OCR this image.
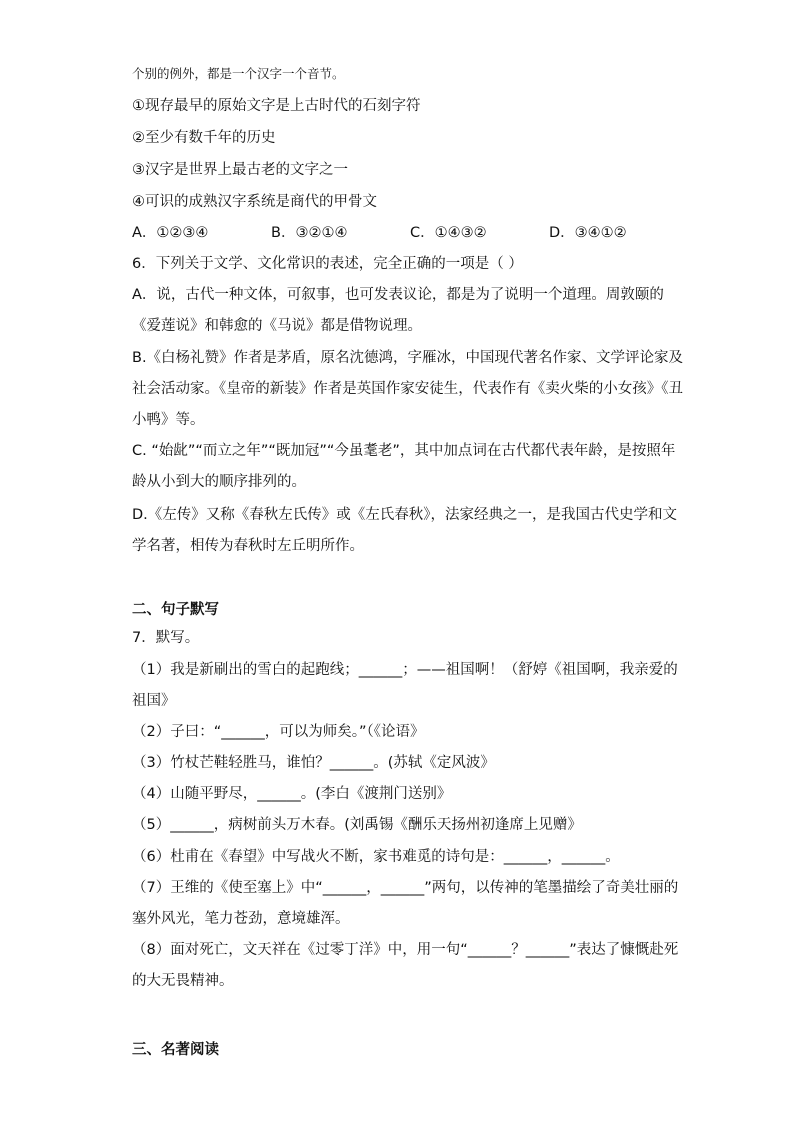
个别的例外，都是一个汉字一个音节。
①现存最早的原始文字是上古时代的石刻字符
②至少有数千年的历史
③汉字是世界上最古老的文字之一
④可识的成熟汉字系统是商代的甲骨文
A．①②③④	B．③②①④	C．①④③②	D．③④①②
6．下列关于文学、文化常识的表述，完全正确的一项是（ ）
A．说，古代一种文体，可叙事，也可发表议论，都是为了说明一个道理。周敦颐的
《爱莲说》和韩愈的《马说》都是借物说理。
B.《白杨礼赞》作者是茅盾，原名沈德鸿，字雁冰，中国现代著名作家、文学评论家及
社会活动家。《皇帝的新装》作者是英国作家安徒生，代表作有《卖火柴的小女孩》《丑
小鸭》等。
C. “始龀”“而立之年”“既加冠”“今虽耄老”，其中加点词在古代都代表年龄，是按照年
龄从小到大的顺序排列的。
D.《左传》又称《春秋左氏传》或《左氏春秋》，法家经典之一，是我国古代史学和文
学名著，相传为春秋时左丘明所作。
二、句子默写
7．默写。
（1）我是新刷出的雪白的起跑线；______；——祖国啊！（舒婷《祖国啊，我亲爱的
祖国》
（2）子曰：“______，可以为师矣。”（《论语》
（3）竹杖芒鞋轻胜马，谁怕？______。(苏轼《定风波》
（4）山随平野尽，______。(李白《渡荆门送别》
（5）______，病树前头万木春。(刘禹锡《酬乐天扬州初逢席上见赠》
（6）杜甫在《春望》中写战火不断，家书难觅的诗句是：______，______。
（7）王维的《使至塞上》中“______，______”两句，以传神的笔墨描绘了奇美壮丽的
塞外风光，笔力苍劲，意境雄浑。
（8）面对死亡，文天祥在《过零丁洋》中，用一句“______？______”表达了慷慨赴死
的大无畏精神。
三、名著阅读
